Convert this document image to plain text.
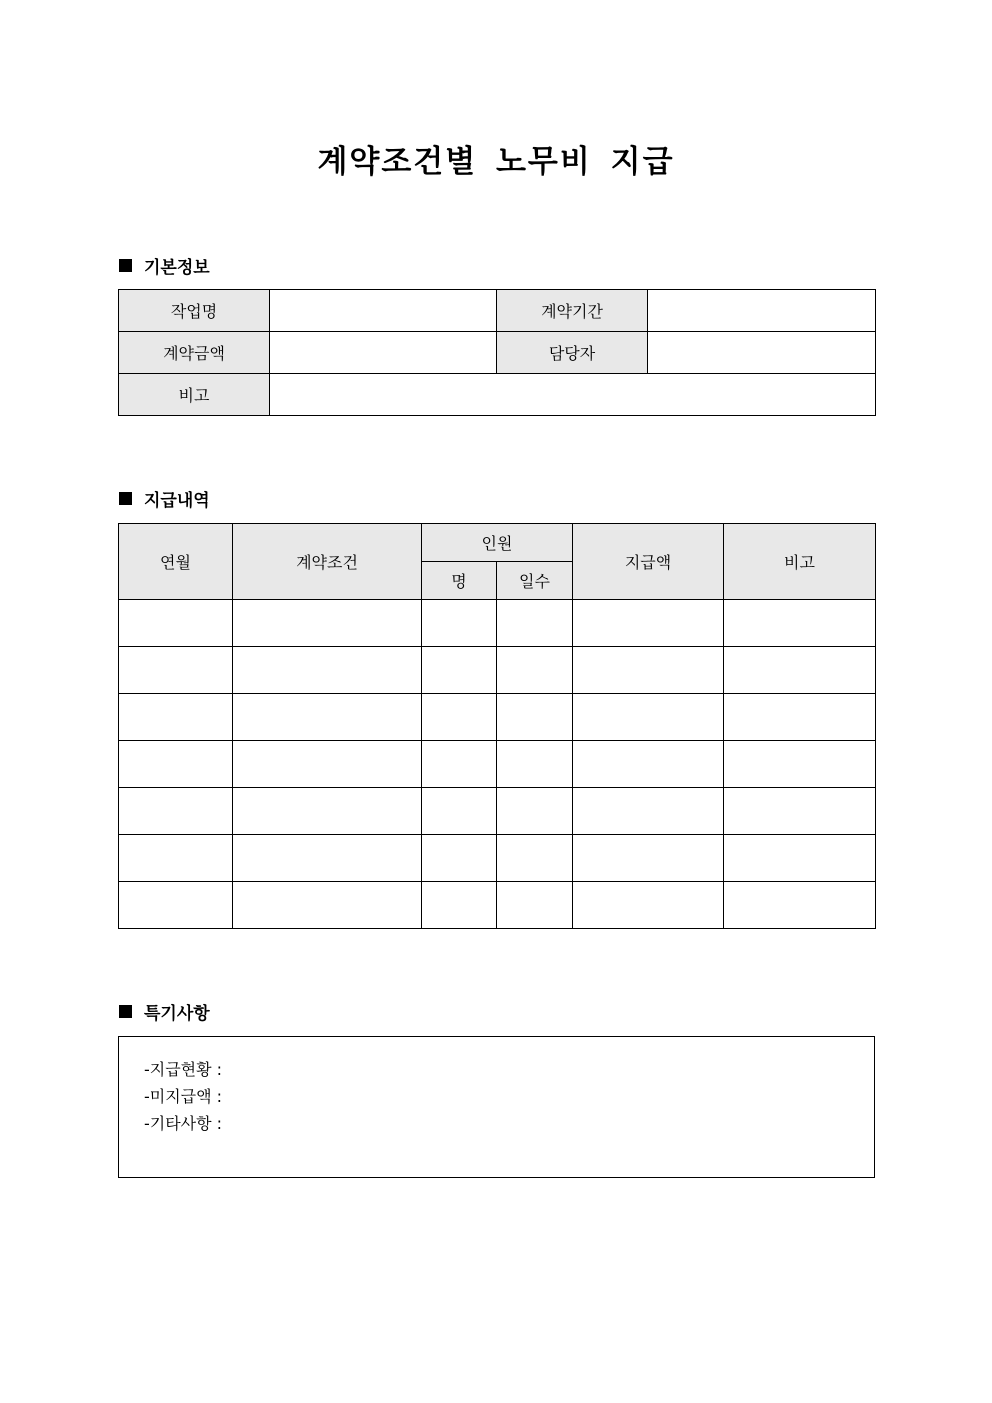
계약조건별 노무비 지급
기본정보
작업명		계약기간	
계약금액		담당자	
비고			
지급내역
연월	계약조건	인원		지급액	비고
		명	일수		

특기사항
-지급현황 :
-미지급액 :
-기타사항 :
